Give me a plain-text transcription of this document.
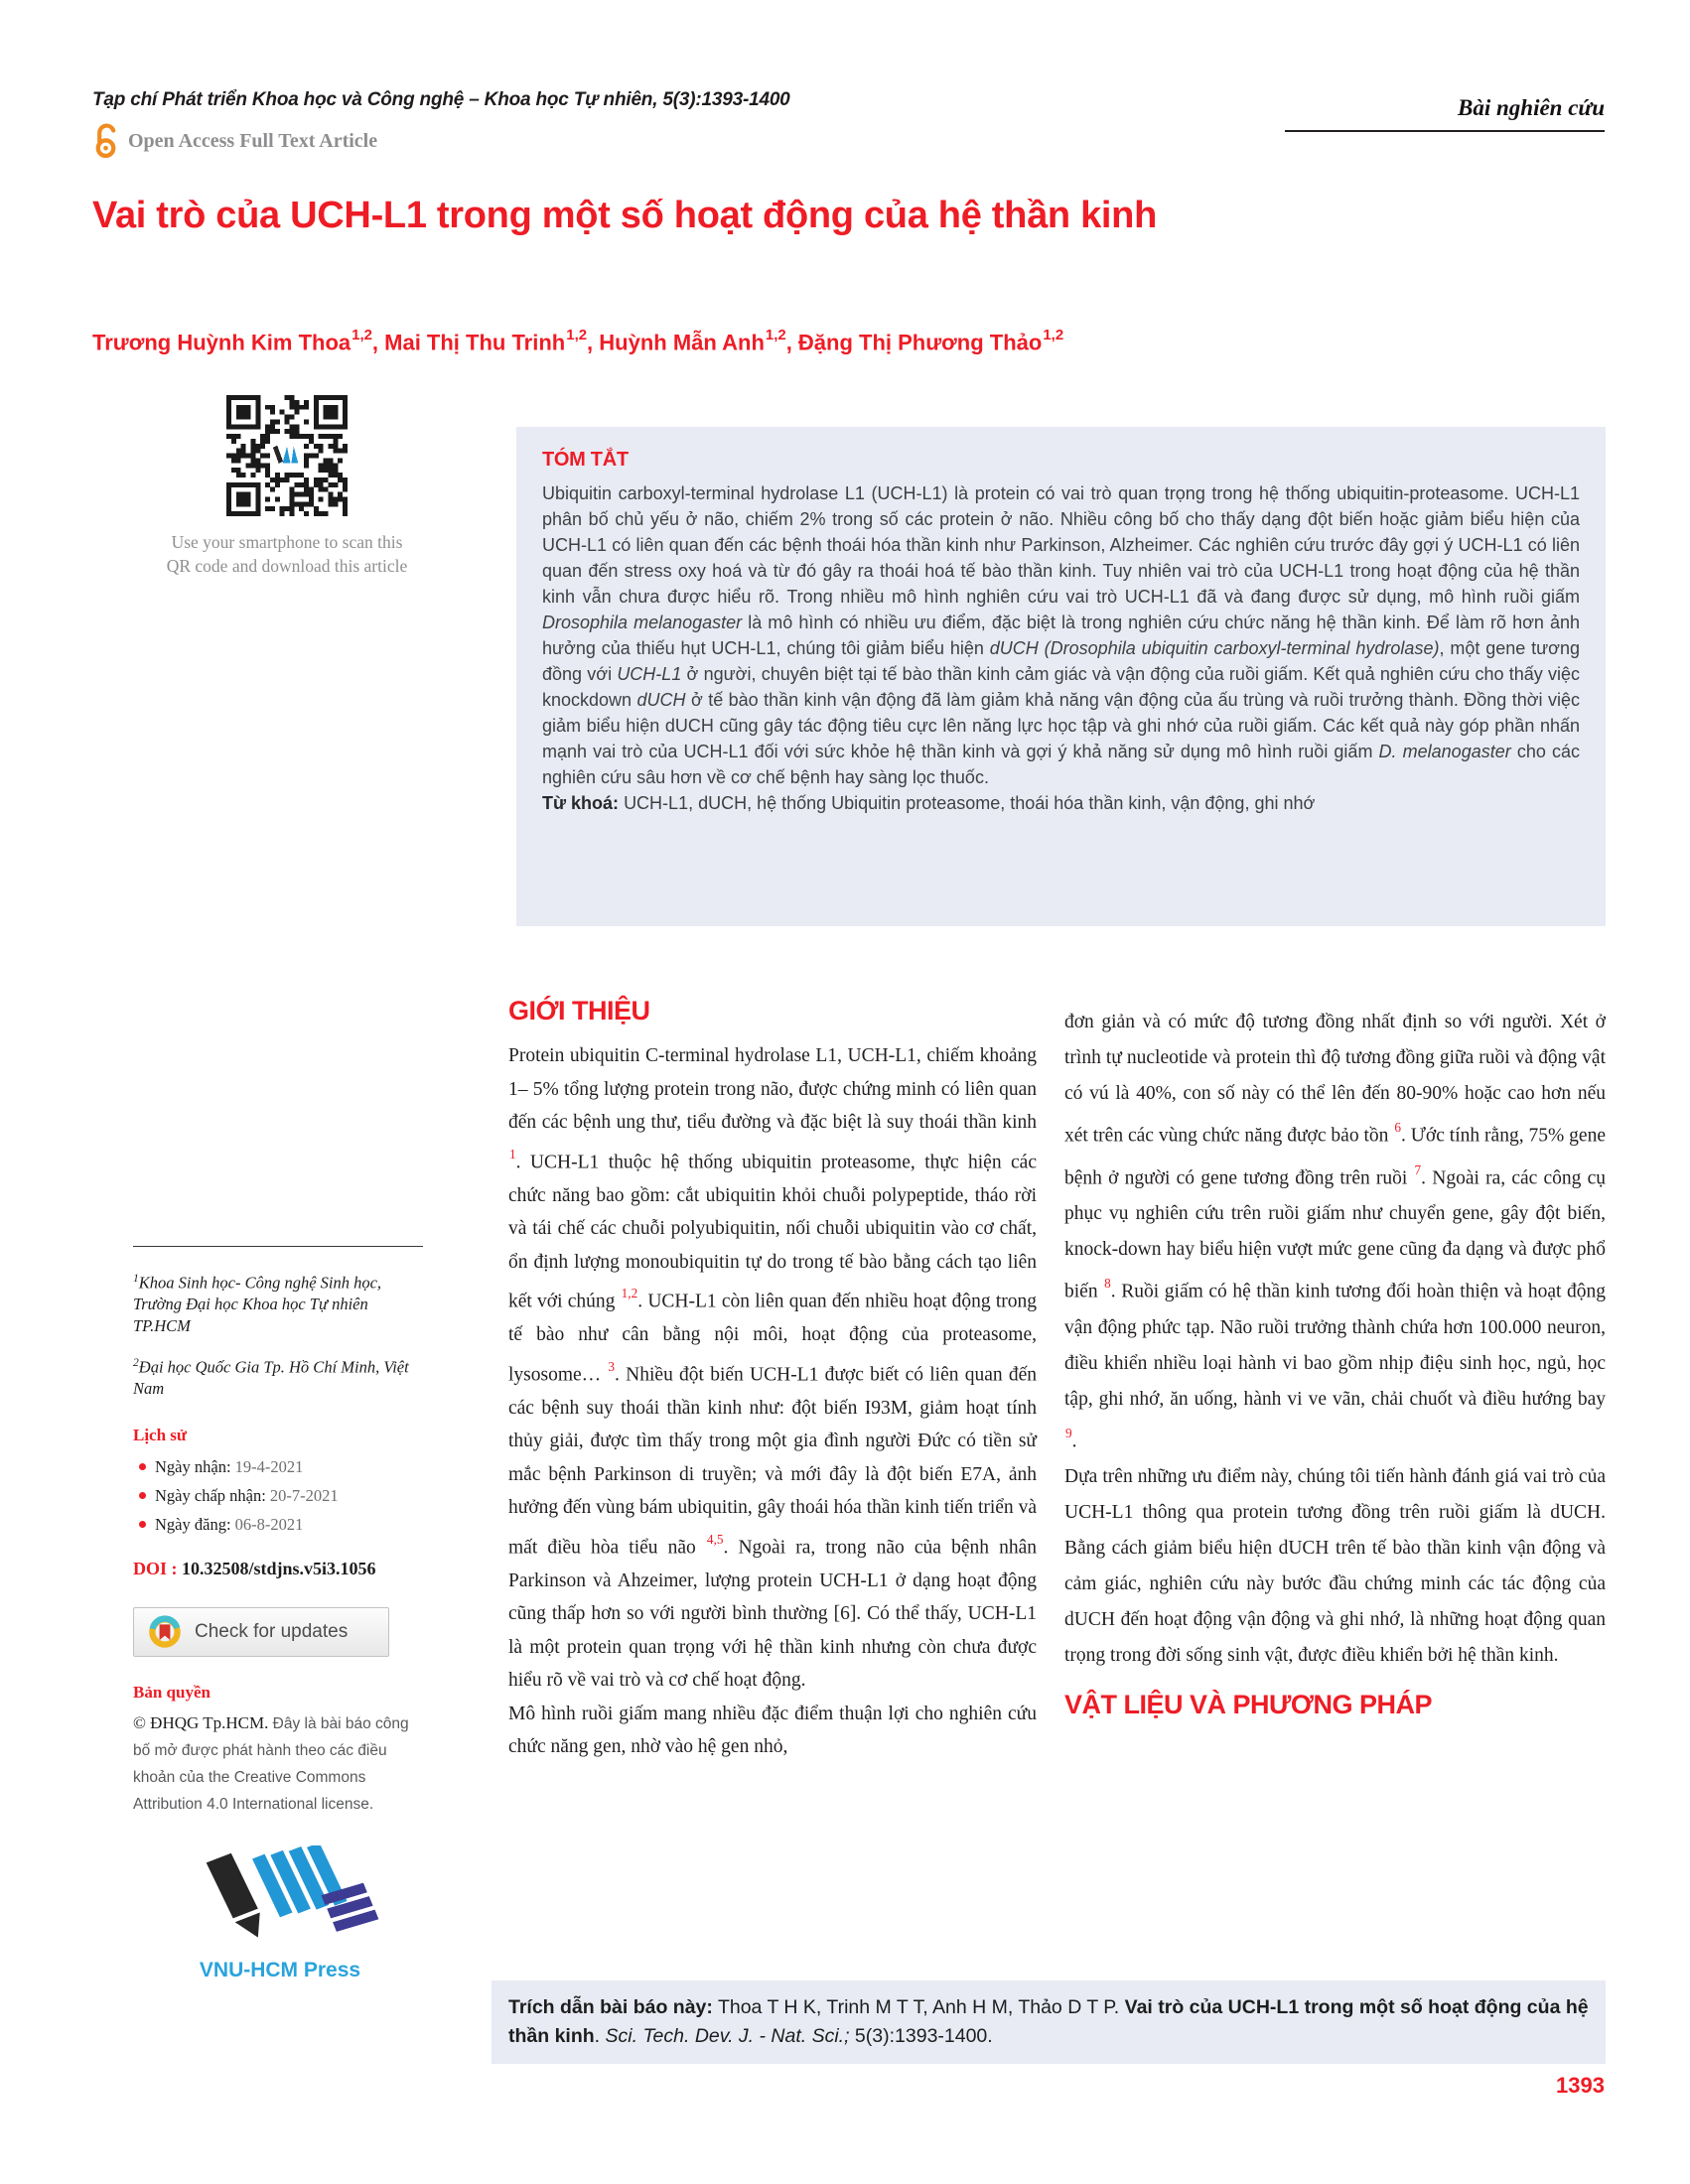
Tạp chí Phát triển Khoa học và Công nghệ – Khoa học Tự nhiên, 5(3):1393-1400
Open Access Full Text Article
Bài nghiên cứu
Vai trò của UCH-L1 trong một số hoạt động của hệ thần kinh
Trương Huỳnh Kim Thoa$^{1,2}$, Mai Thị Thu Trinh$^{1,2}$, Huỳnh Mẫn Anh$^{1,2}$, Đặng Thị Phương Thảo$^{1,2}$
Use your smartphone to scan this
QR code and download this article
TÓM TẮT

Ubiquitin carboxyl-terminal hydrolase L1 (UCH-L1) là protein có vai trò quan trọng trong hệ thống ubiquitin-proteasome. UCH-L1 phân bố chủ yếu ở não, chiếm 2% trong số các protein ở não. Nhiều công bố cho thấy dạng đột biến hoặc giảm biểu hiện của UCH-L1 có liên quan đến các bệnh thoái hóa thần kinh như Parkinson, Alzheimer. Các nghiên cứu trước đây gợi ý UCH-L1 có liên quan đến stress oxy hoá và từ đó gây ra thoái hoá tế bào thần kinh. Tuy nhiên vai trò của UCH-L1 trong hoạt động của hệ thần kinh vẫn chưa được hiểu rõ. Trong nhiều mô hình nghiên cứu vai trò UCH-L1 đã và đang được sử dụng, mô hình ruồi giấm Drosophila melanogaster là mô hình có nhiều ưu điểm, đặc biệt là trong nghiên cứu chức năng hệ thần kinh. Để làm rõ hơn ảnh hưởng của thiếu hụt UCH-L1, chúng tôi giảm biểu hiện dUCH (Drosophila ubiquitin carboxyl-terminal hydrolase), một gene tương đồng với UCH-L1 ở người, chuyên biệt tại tế bào thần kinh cảm giác và vận động của ruồi giấm. Kết quả nghiên cứu cho thấy việc knockdown dUCH ở tế bào thần kinh vận động đã làm giảm khả năng vận động của ấu trùng và ruồi trưởng thành. Đồng thời việc giảm biểu hiện dUCH cũng gây tác động tiêu cực lên năng lực học tập và ghi nhớ của ruồi giấm. Các kết quả này góp phần nhấn mạnh vai trò của UCH-L1 đối với sức khỏe hệ thần kinh và gợi ý khả năng sử dụng mô hình ruồi giấm D. melanogaster cho các nghiên cứu sâu hơn về cơ chế bệnh hay sàng lọc thuốc.

Từ khoá: UCH-L1, dUCH, hệ thống Ubiquitin proteasome, thoái hóa thần kinh, vận động, ghi nhớ

$^1$Khoa Sinh học- Công nghệ Sinh học, Trường Đại học Khoa học Tự nhiên TP.HCM

$^2$Đại học Quốc Gia Tp. Hồ Chí Minh, Việt Nam

Lịch sử
Ngày nhận: 19-4-2021
Ngày chấp nhận: 20-7-2021
Ngày đăng: 06-8-2021
DOI : 10.32508/stdjns.v5i3.1056
Check for updates
Bản quyền

© ĐHQG Tp.HCM. Đây là bài báo công bố mở được phát hành theo các điều khoản của the Creative Commons Attribution 4.0 International license.

VNU-HCM Press
GIỚI THIỆU

Protein ubiquitin C-terminal hydrolase L1, UCH-L1, chiếm khoảng 1– 5% tổng lượng protein trong não, được chứng minh có liên quan đến các bệnh ung thư, tiểu đường và đặc biệt là suy thoái thần kinh $^1$. UCH-L1 thuộc hệ thống ubiquitin proteasome, thực hiện các chức năng bao gồm: cắt ubiquitin khỏi chuỗi polypeptide, tháo rời và tái chế các chuỗi polyubiquitin, nối chuỗi ubiquitin vào cơ chất, ổn định lượng monoubiquitin tự do trong tế bào bằng cách tạo liên kết với chúng $^{1,2}$. UCH-L1 còn liên quan đến nhiều hoạt động trong tế bào như cân bằng nội môi, hoạt động của proteasome, lysosome… $^3$. Nhiều đột biến UCH-L1 được biết có liên quan đến các bệnh suy thoái thần kinh như: đột biến I93M, giảm hoạt tính thủy giải, được tìm thấy trong một gia đình người Đức có tiền sử mắc bệnh Parkinson di truyền; và mới đây là đột biến E7A, ảnh hưởng đến vùng bám ubiquitin, gây thoái hóa thần kinh tiến triển và mất điều hòa tiểu não $^{4,5}$. Ngoài ra, trong não của bệnh nhân Parkinson và Ahzeimer, lượng protein UCH-L1 ở dạng hoạt động cũng thấp hơn so với người bình thường [6]. Có thể thấy, UCH-L1 là một protein quan trọng với hệ thần kinh nhưng còn chưa được hiểu rõ về vai trò và cơ chế hoạt động.

Mô hình ruồi giấm mang nhiều đặc điểm thuận lợi cho nghiên cứu chức năng gen, nhờ vào hệ gen nhỏ,

đơn giản và có mức độ tương đồng nhất định so với người. Xét ở trình tự nucleotide và protein thì độ tương đồng giữa ruồi và động vật có vú là 40%, con số này có thể lên đến 80-90% hoặc cao hơn nếu xét trên các vùng chức năng được bảo tồn $^6$. Ước tính rằng, 75% gene bệnh ở người có gene tương đồng trên ruồi $^7$. Ngoài ra, các công cụ phục vụ nghiên cứu trên ruồi giấm như chuyển gene, gây đột biến, knock-down hay biểu hiện vượt mức gene cũng đa dạng và được phổ biến $^8$. Ruồi giấm có hệ thần kinh tương đối hoàn thiện và hoạt động vận động phức tạp. Não ruồi trưởng thành chứa hơn 100.000 neuron, điều khiển nhiều loại hành vi bao gồm nhịp điệu sinh học, ngủ, học tập, ghi nhớ, ăn uống, hành vi ve vãn, chải chuốt và điều hướng bay $^9$.

Dựa trên những ưu điểm này, chúng tôi tiến hành đánh giá vai trò của UCH-L1 thông qua protein tương đồng trên ruồi giấm là dUCH. Bằng cách giảm biểu hiện dUCH trên tế bào thần kinh vận động và cảm giác, nghiên cứu này bước đầu chứng minh các tác động của dUCH đến hoạt động vận động và ghi nhớ, là những hoạt động quan trọng trong đời sống sinh vật, được điều khiển bởi hệ thần kinh.

VẬT LIỆU VÀ PHƯƠNG PHÁP
Trích dẫn bài báo này: Thoa T H K, Trinh M T T, Anh H M, Thảo D T P. Vai trò của UCH-L1 trong một số hoạt động của hệ thần kinh. Sci. Tech. Dev. J. - Nat. Sci.; 5(3):1393-1400.
1393
